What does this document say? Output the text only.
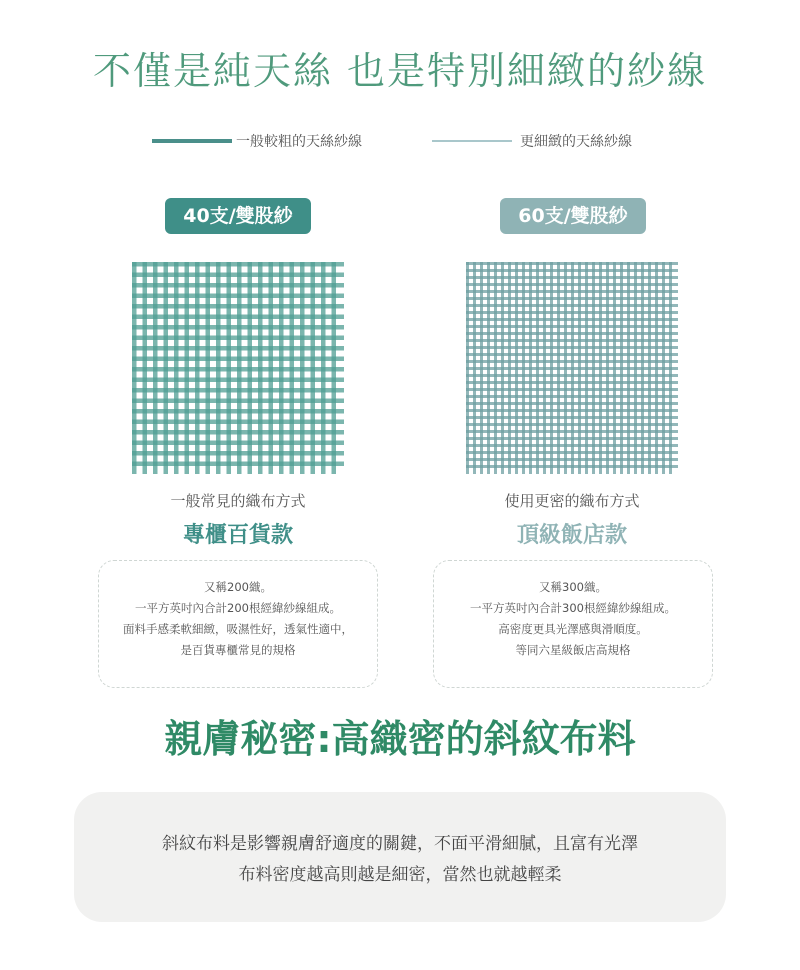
不僅是純天絲 也是特別細緻的紗線
一般較粗的天絲紗線	更細緻的天絲紗線
40支/雙股紗	60支/雙股紗
一般常見的織布方式	使用更密的織布方式
專櫃百貨款	頂級飯店款
又稱200織。
一平方英吋內合計200根經緯紗線組成。
面料手感柔軟細緻，吸濕性好，透氣性適中，
是百貨專櫃常見的規格
又稱300織。
一平方英吋內合計300根經緯紗線組成。
高密度更具光澤感與滑順度。
等同六星級飯店高規格
親膚秘密:高織密的斜紋布料
斜紋布料是影響親膚舒適度的關鍵，不面平滑細膩，且富有光澤
布料密度越高則越是細密，當然也就越輕柔
